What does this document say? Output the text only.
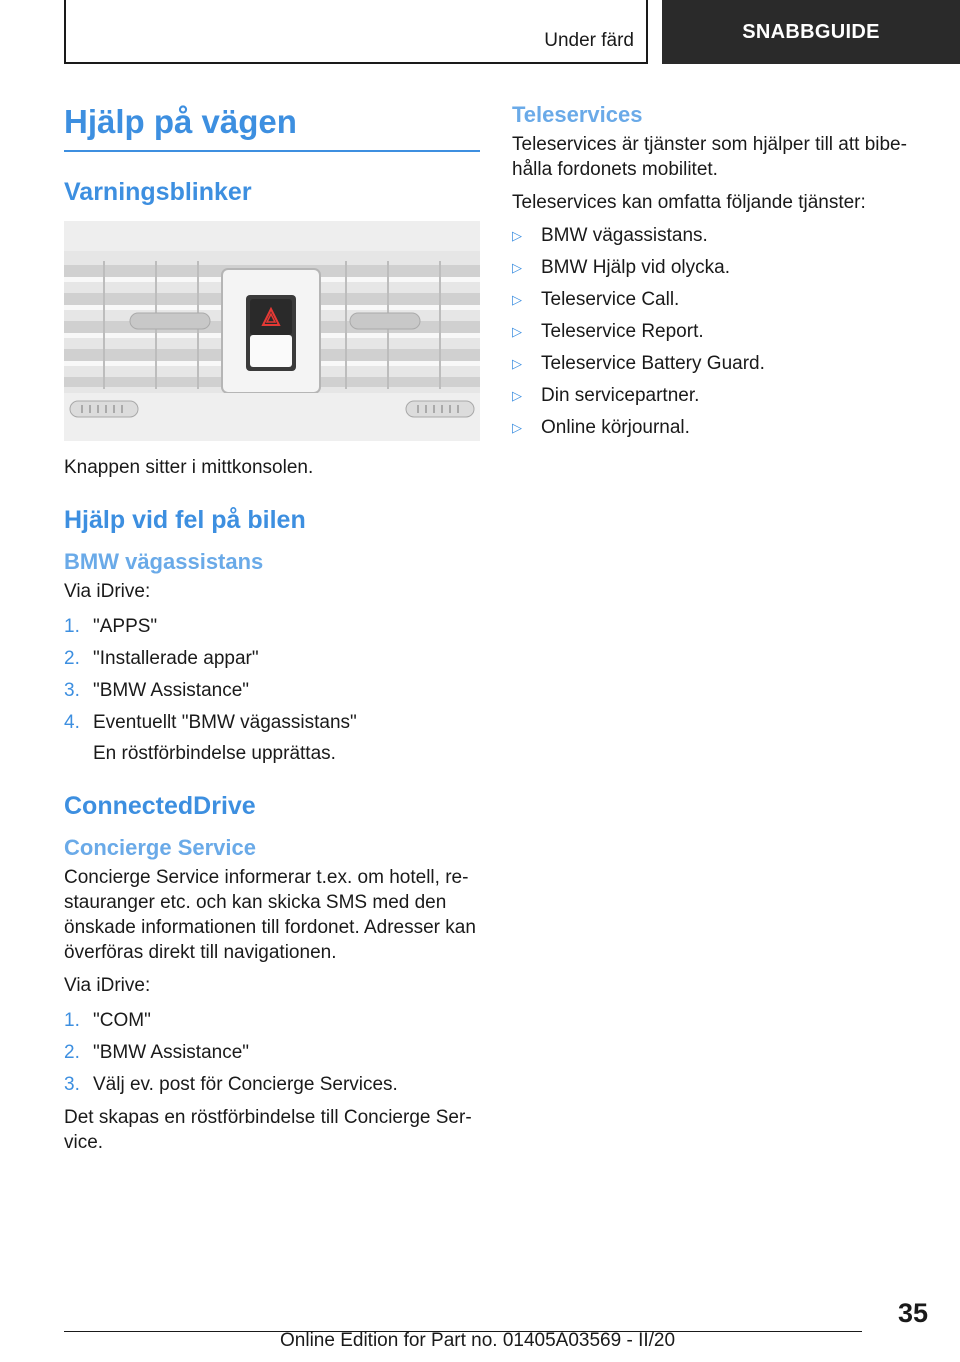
Under färd	SNABBGUIDE
Hjälp på vägen
Varningsblinker

Knappen sitter i mittkonsolen.

Hjälp vid fel på bilen
BMW vägassistans

Via iDrive:

1. "APPS"
2. "Installerade appar"
3. "BMW Assistance"
4. Eventuellt "BMW vägassistans"
En röstförbindelse upprättas.
ConnectedDrive
Concierge Service

Concierge Service informerar t.ex. om hotell, restauranger etc. och kan skicka SMS med den önskade informationen till fordonet. Adresser kan överföras direkt till navigationen.

Via iDrive:

1. "COM"
2. "BMW Assistance"
3. Välj ev. post för Concierge Services.

Det skapas en röstförbindelse till Concierge Service.

Teleservices

Teleservices är tjänster som hjälper till att bibehålla fordonets mobilitet.

Teleservices kan omfatta följande tjänster:

▷	BMW vägassistans.
▷	BMW Hjälp vid olycka.
▷	Teleservice Call.
▷	Teleservice Report.
▷	Teleservice Battery Guard.
▷	Din servicepartner.
▷	Online körjournal.
35
Online Edition for Part no. 01405A03569 - II/20
